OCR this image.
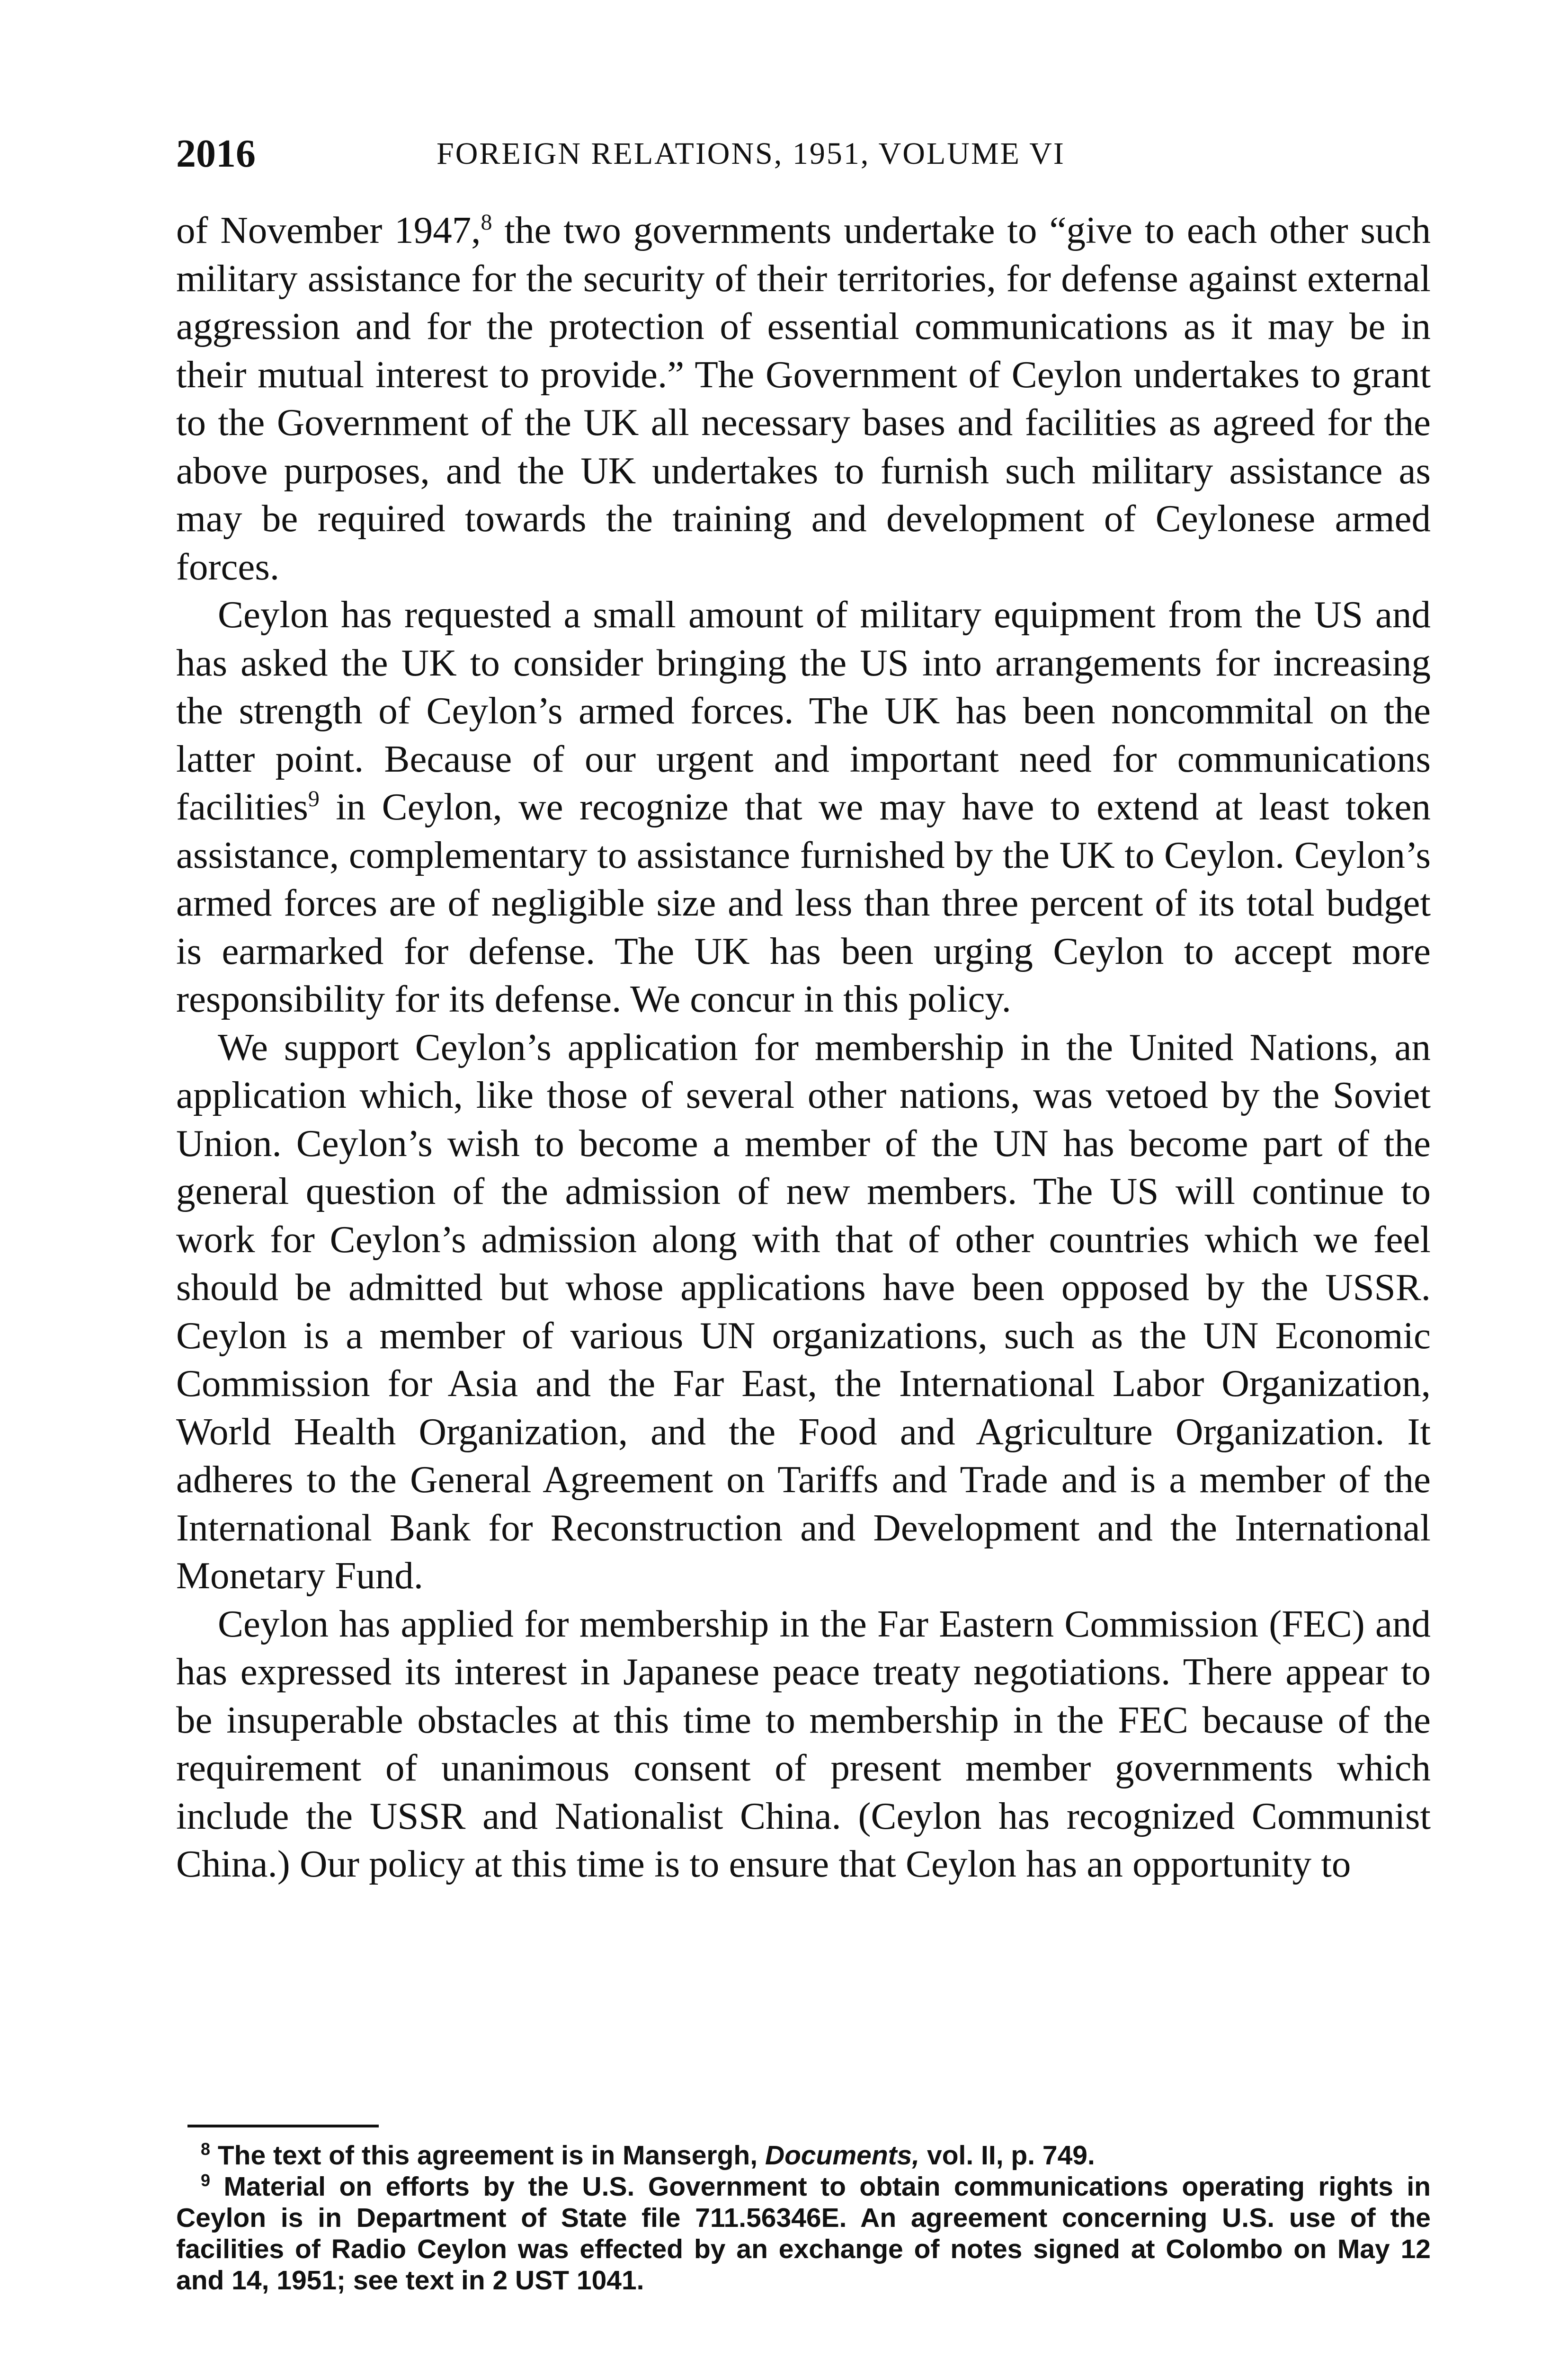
2016	FOREIGN RELATIONS, 1951, VOLUME VI

of November 1947,$^8$ the two governments undertake to “give to each other such military assistance for the security of their territories, for defense against external aggression and for the protection of essential communications as it may be in their mutual interest to provide.” The Government of Ceylon undertakes to grant to the Government of the UK all necessary bases and facilities as agreed for the above purposes, and the UK undertakes to furnish such military assistance as may be required towards the training and development of Ceylonese armed forces.

Ceylon has requested a small amount of military equipment from the US and has asked the UK to consider bringing the US into arrangements for increasing the strength of Ceylon’s armed forces. The UK has been noncommital on the latter point. Because of our urgent and important need for communications facilities$^9$ in Ceylon, we recognize that we may have to extend at least token assistance, complementary to assistance furnished by the UK to Ceylon. Ceylon’s armed forces are of negligible size and less than three percent of its total budget is earmarked for defense. The UK has been urging Ceylon to accept more responsibility for its defense. We concur in this policy.

We support Ceylon’s application for membership in the United Nations, an application which, like those of several other nations, was vetoed by the Soviet Union. Ceylon’s wish to become a member of the UN has become part of the general question of the admission of new members. The US will continue to work for Ceylon’s admission along with that of other countries which we feel should be admitted but whose applications have been opposed by the USSR. Ceylon is a member of various UN organizations, such as the UN Economic Commission for Asia and the Far East, the International Labor Organization, World Health Organization, and the Food and Agriculture Organization. It adheres to the General Agreement on Tariffs and Trade and is a member of the International Bank for Reconstruction and Development and the International Monetary Fund.

Ceylon has applied for membership in the Far Eastern Commission (FEC) and has expressed its interest in Japanese peace treaty negotiations. There appear to be insuperable obstacles at this time to membership in the FEC because of the requirement of unanimous consent of present member governments which include the USSR and Nationalist China. (Ceylon has recognized Communist China.) Our policy at this time is to ensure that Ceylon has an opportunity to

$^8$ The text of this agreement is in Mansergh, Documents, vol. II, p. 749.

$^9$ Material on efforts by the U.S. Government to obtain communications operating rights in Ceylon is in Department of State file 711.56346E. An agreement concerning U.S. use of the facilities of Radio Ceylon was effected by an exchange of notes signed at Colombo on May 12 and 14, 1951; see text in 2 UST 1041.
